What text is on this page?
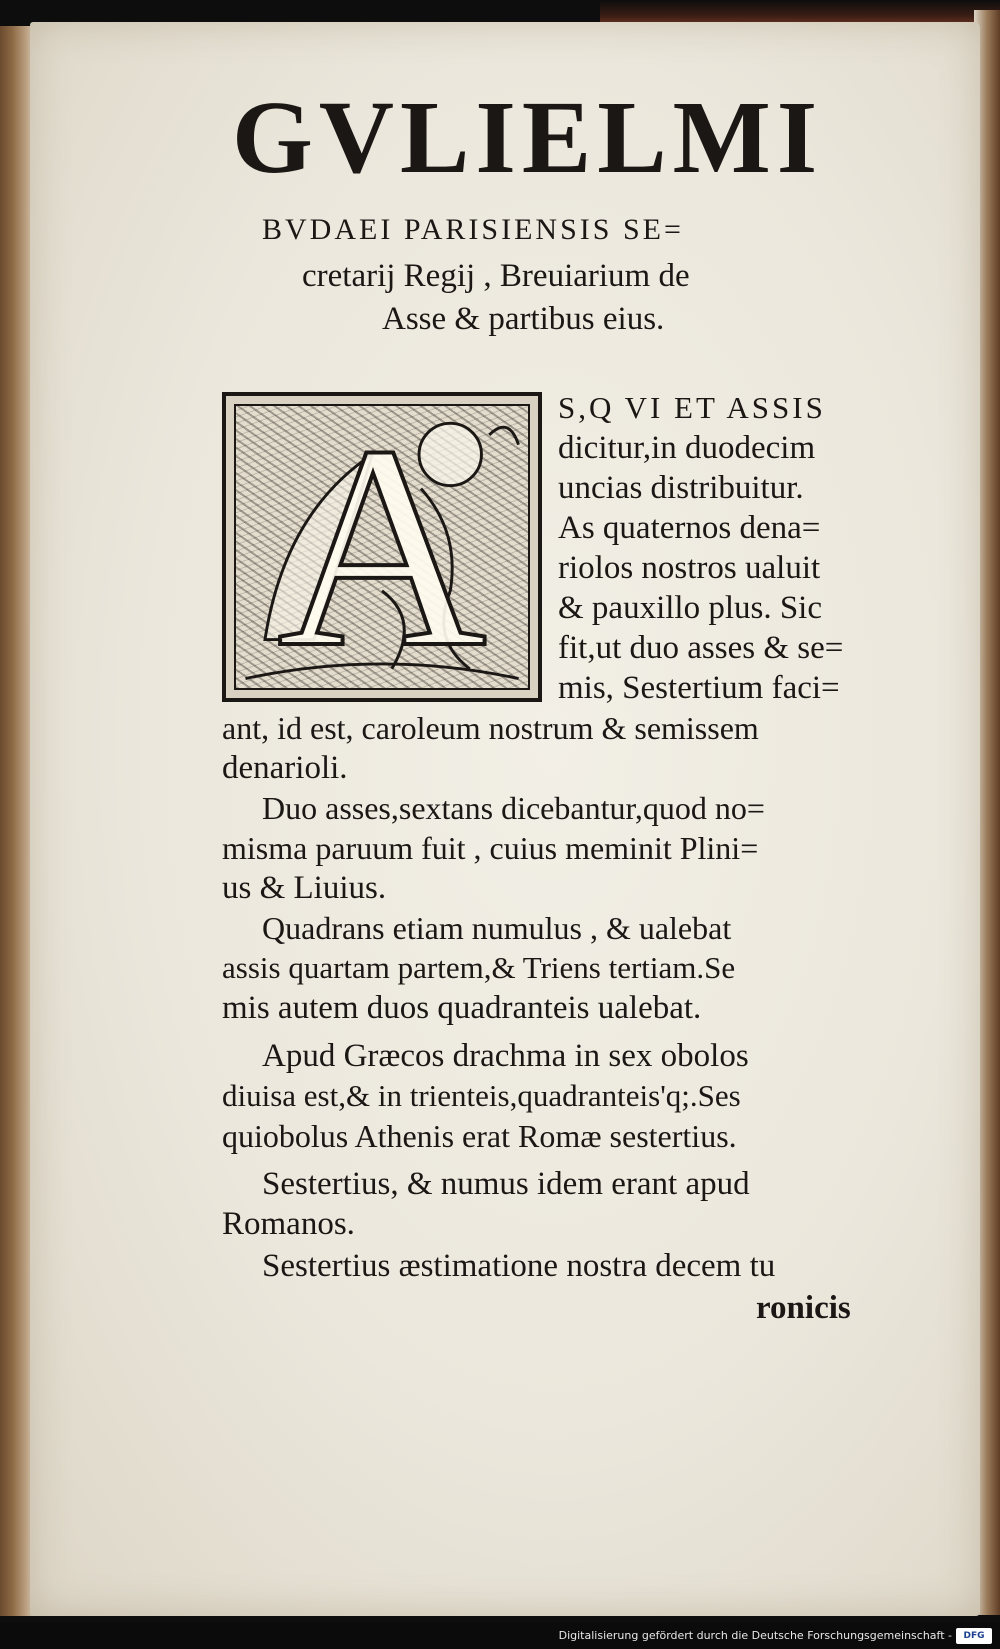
GVLIELMI
BVDAEI PARISIENSIS SE=
cretarij Regij , Breuiarium de
Asse & partibus eius.
A	S,Q VI ET ASSIS
dicitur,in duodecim
uncias distribuitur.
As quaternos dena=
riolos nostros ualuit
& pauxillo plus. Sic
fit,ut duo asses & se=
mis, Sestertium faci=
ant, id est, caroleum nostrum & semissem
denarioli.
Duo asses,sextans dicebantur,quod no=
misma paruum fuit , cuius meminit Plini=
us & Liuius.
Quadrans etiam numulus , & ualebat
assis quartam partem,& Triens tertiam.Se
mis autem duos quadranteis ualebat.
Apud Græcos drachma in sex obolos
diuisa est,& in trienteis,quadranteis'q;.Ses
quiobolus Athenis erat Romæ sestertius.
Sestertius, & numus idem erant apud
Romanos.
Sestertius æstimatione nostra decem tu
ronicis
Digitalisierung gefördert durch die Deutsche Forschungsgemeinschaft -	DFG
